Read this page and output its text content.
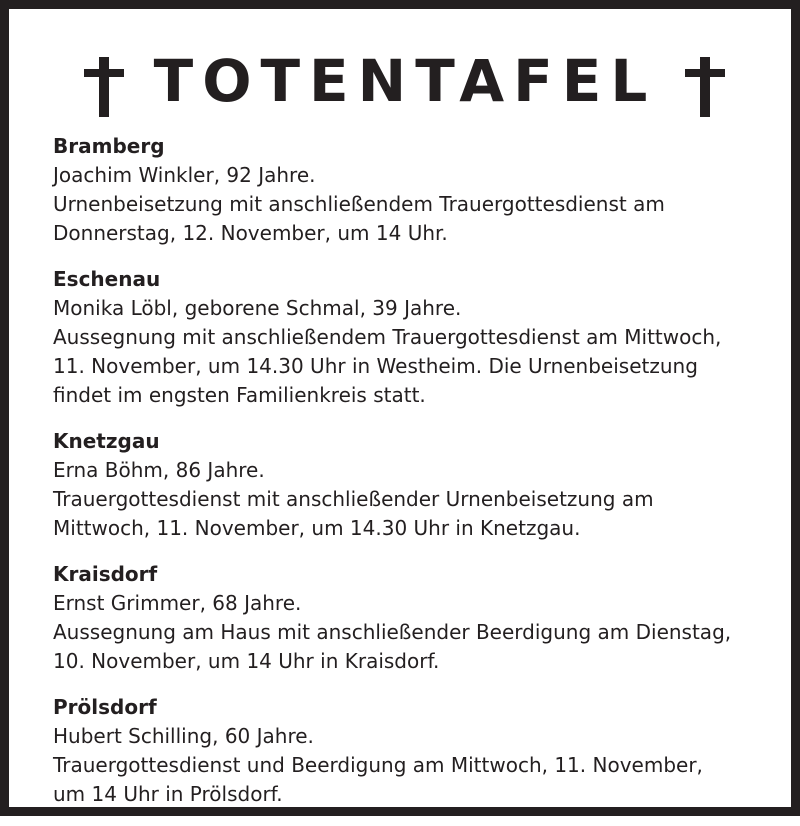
TOTENTAFEL
Bramberg
Joachim Winkler, 92 Jahre.
Urnenbeisetzung mit anschließendem Trauergottesdienst am
Donnerstag, 12. November, um 14 Uhr.
Eschenau
Monika Löbl, geborene Schmal, 39 Jahre.
Aussegnung mit anschließendem Trauergottesdienst am Mittwoch,
11. November, um 14.30 Uhr in Westheim. Die Urnenbeisetzung
findet im engsten Familienkreis statt.
Knetzgau
Erna Böhm, 86 Jahre.
Trauergottesdienst mit anschließender Urnenbeisetzung am
Mittwoch, 11. November, um 14.30 Uhr in Knetzgau.
Kraisdorf
Ernst Grimmer, 68 Jahre.
Aussegnung am Haus mit anschließender Beerdigung am Dienstag,
10. November, um 14 Uhr in Kraisdorf.
Prölsdorf
Hubert Schilling, 60 Jahre.
Trauergottesdienst und Beerdigung am Mittwoch, 11. November,
um 14 Uhr in Prölsdorf.
